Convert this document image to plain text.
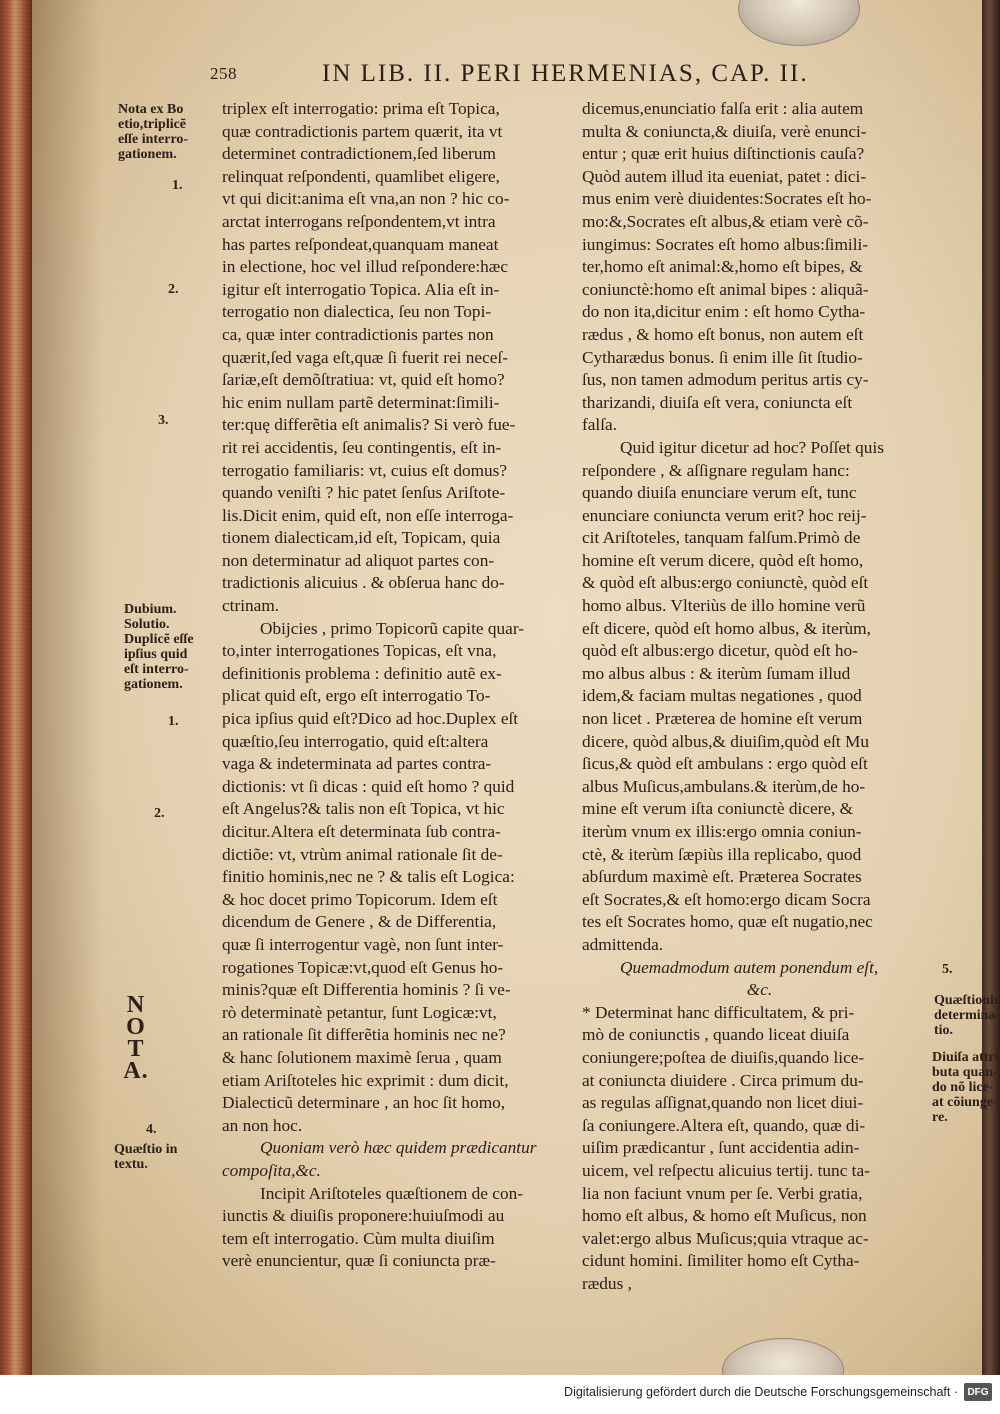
258	IN LIB. II. PERI HERMENIAS, CAP. II.
Nota ex Bo
etio,triplicẽ
eſſe interro-
gationem.
1.
2.
3.
Dubium.
Solutio.
Duplicẽ eſſe
ipſius quid
eſt interro-
gationem.
1.
2.
N
O
T
A.
4.
Quæſtio in
textu.
5.
Quæſtionis
determina-
tio.
Diuiſa attri
buta quan-
do nõ lice-
at cõiunge-
re.
triplex eſt interrogatio: prima eſt Topica,
quæ contradictionis partem quærit, ita vt
determinet contradictionem,ſed liberum
relinquat reſpondenti, quamlibet eligere,
vt qui dicit:anima eſt vna,an non ? hic co-
arctat interrogans reſpondentem,vt intra
has partes reſpondeat,quanquam maneat
in electione, hoc vel illud reſpondere:hæc
igitur eſt interrogatio Topica. Alia eſt in-
terrogatio non dialectica, ſeu non Topi-
ca, quæ inter contradictionis partes non
quærit,ſed vaga eſt,quæ ſi fuerit rei neceſ-
ſariæ,eſt demõſtratiua: vt, quid eſt homo?
hic enim nullam partẽ determinat:ſimili-
ter:quę differẽtia eſt animalis? Si verò fue-
rit rei accidentis, ſeu contingentis, eſt in-
terrogatio familiaris: vt, cuius eſt domus?
quando veniſti ? hic patet ſenſus Ariſtote-
lis.Dicit enim, quid eſt, non eſſe interroga-
tionem dialecticam,id eſt, Topicam, quia
non determinatur ad aliquot partes con-
tradictionis alicuius . & obſerua hanc do-
ctrinam.
Obijcies , primo Topicorũ capite quar-
to,inter interrogationes Topicas, eſt vna,
definitionis problema : definitio autẽ ex-
plicat quid eſt, ergo eſt interrogatio To-
pica ipſius quid eſt?Dico ad hoc.Duplex eſt
quæſtio,ſeu interrogatio, quid eſt:altera
vaga & indeterminata ad partes contra-
dictionis: vt ſi dicas : quid eſt homo ? quid
eſt Angelus?& talis non eſt Topica, vt hic
dicitur.Altera eſt determinata ſub contra-
dictiõe: vt, vtrùm animal rationale ſit de-
finitio hominis,nec ne ? & talis eſt Logica:
& hoc docet primo Topicorum. Idem eſt
dicendum de Genere , & de Differentia,
quæ ſi interrogentur vagè, non ſunt inter-
rogationes Topicæ:vt,quod eſt Genus ho-
minis?quæ eſt Differentia hominis ? ſi ve-
rò determinatè petantur, ſunt Logicæ:vt,
an rationale ſit differẽtia hominis nec ne?
& hanc ſolutionem maximè ſerua , quam
etiam Ariſtoteles hic exprimit : dum dicit,
Dialecticũ determinare , an hoc ſit homo,
an non hoc.
Quoniam verò hæc quidem prædicantur
compoſita,&c.
Incipit Ariſtoteles quæſtionem de con-
iunctis & diuiſis proponere:huiuſmodi au
tem eſt interrogatio. Cùm multa diuiſim
verè enuncientur, quæ ſi coniuncta præ-
dicemus,enunciatio falſa erit : alia autem
multa & coniuncta,& diuiſa, verè enunci-
entur ; quæ erit huius diſtinctionis cauſa?
Quòd autem illud ita eueniat, patet : dici-
mus enim verè diuidentes:Socrates eſt ho-
mo:&,Socrates eſt albus,& etiam verè cõ-
iungimus: Socrates eſt homo albus:ſimili-
ter,homo eſt animal:&,homo eſt bipes, &
coniunctè:homo eſt animal bipes : aliquã-
do non ita,dicitur enim : eſt homo Cytha-
rædus , & homo eſt bonus, non autem eſt
Cytharædus bonus. ſi enim ille ſit ſtudio-
ſus, non tamen admodum peritus artis cy-
tharizandi, diuiſa eſt vera, coniuncta eſt
falſa.
Quid igitur dicetur ad hoc? Poſſet quis
reſpondere , & aſſignare regulam hanc:
quando diuiſa enunciare verum eſt, tunc
enunciare coniuncta verum erit? hoc reij-
cit Ariſtoteles, tanquam falſum.Primò de
homine eſt verum dicere, quòd eſt homo,
& quòd eſt albus:ergo coniunctè, quòd eſt
homo albus. Vlteriùs de illo homine verũ
eſt dicere, quòd eſt homo albus, & iterùm,
quòd eſt albus:ergo dicetur, quòd eſt ho-
mo albus albus : & iterùm ſumam illud
idem,& faciam multas negationes , quod
non licet . Præterea de homine eſt verum
dicere, quòd albus,& diuiſim,quòd eſt Mu
ſicus,& quòd eſt ambulans : ergo quòd eſt
albus Muſicus,ambulans.& iterùm,de ho-
mine eſt verum iſta coniunctè dicere, &
iterùm vnum ex illis:ergo omnia coniun-
ctè, & iterùm ſæpiùs illa replicabo, quod
abſurdum maximè eſt. Præterea Socrates
eſt Socrates,& eſt homo:ergo dicam Socra
tes eſt Socrates homo, quæ eſt nugatio,nec
admittenda.
Quemadmodum autem ponendum eſt,
&c.
* Determinat hanc difficultatem, & pri-
mò de coniunctis , quando liceat diuiſa
coniungere;poſtea de diuiſis,quando lice-
at coniuncta diuidere . Circa primum du-
as regulas aſſignat,quando non licet diui-
ſa coniungere.Altera eſt, quando, quæ di-
uiſim prædicantur , ſunt accidentia adin-
uicem, vel reſpectu alicuius tertij. tunc ta-
lia non faciunt vnum per ſe. Verbi gratia,
homo eſt albus, & homo eſt Muſicus, non
valet:ergo albus Muſicus;quia vtraque ac-
cidunt homini. ſimiliter homo eſt Cytha-
rædus ,
Digitalisierung gefördert durch die Deutsche Forschungsgemeinschaft · DFG
